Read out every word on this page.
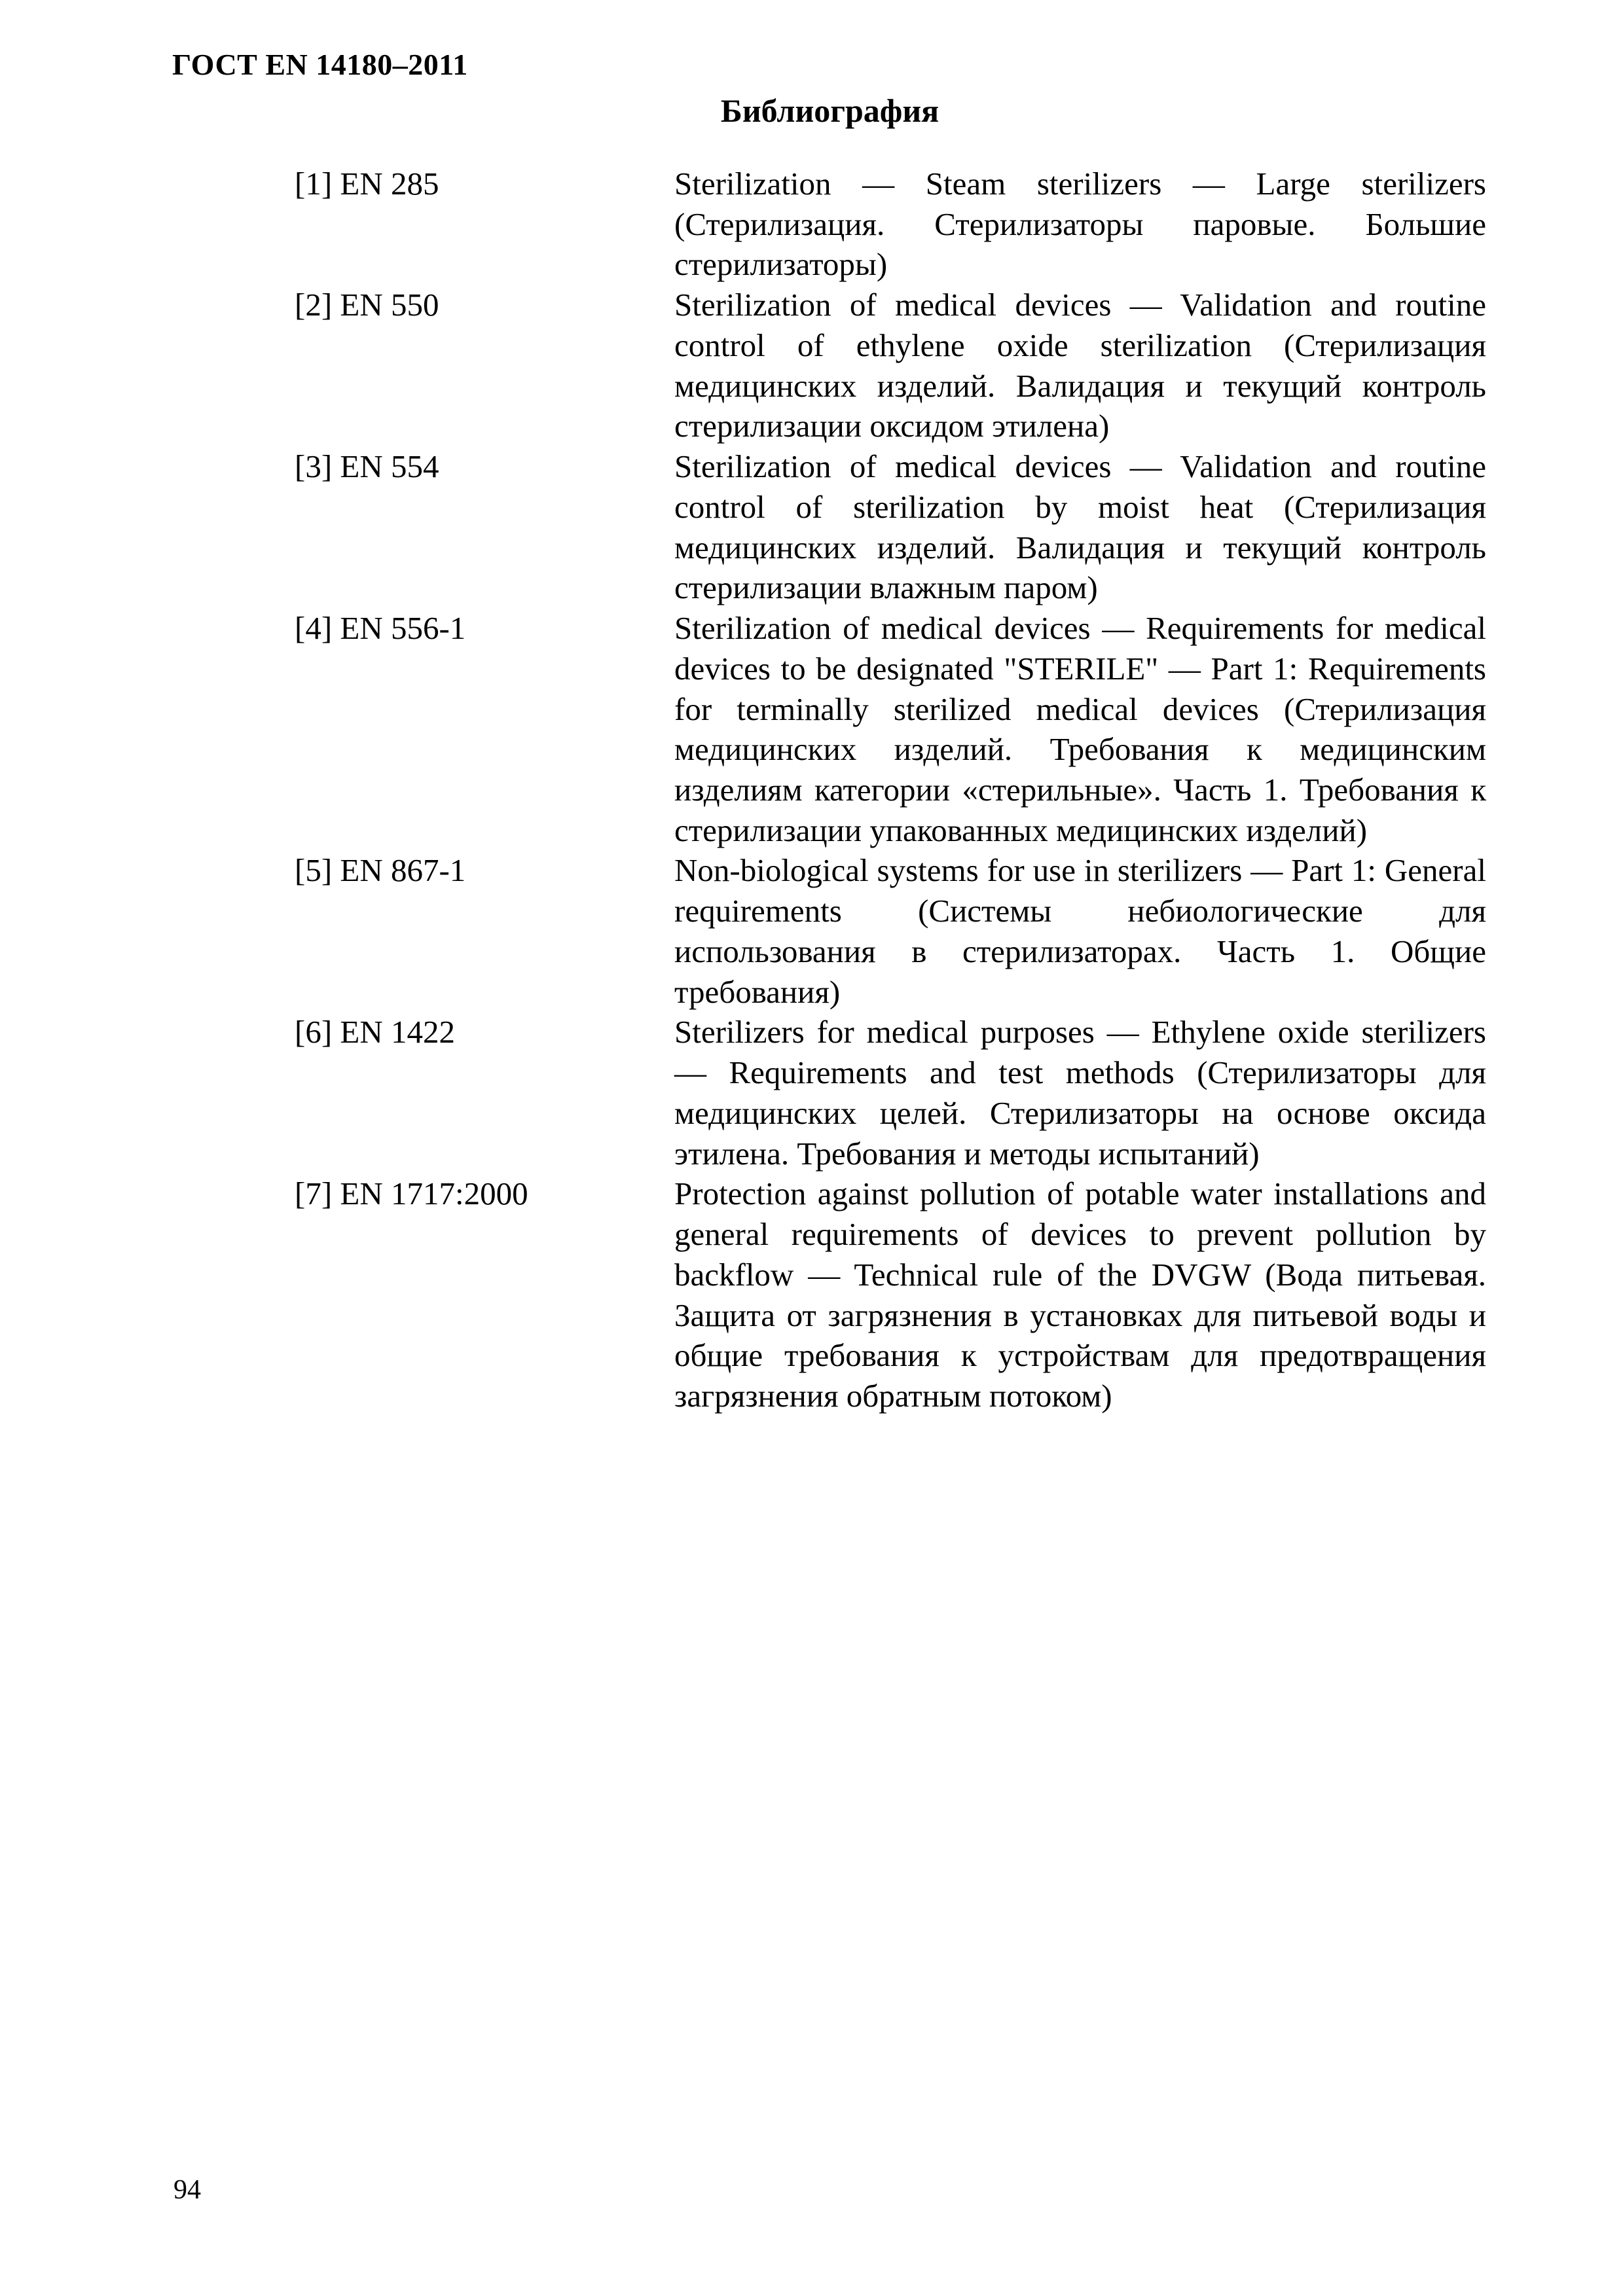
ГОСТ EN 14180–2011
Библиография
[1] EN 285	Sterilization — Steam sterilizers — Large sterilizers (Стерилизация. Стерилизаторы паровые. Большие стерилизаторы)
[2] EN 550	Sterilization of medical devices — Validation and routine control of ethylene oxide sterilization (Стерилизация медицинских изделий. Валидация и текущий контроль стерилизации оксидом этилена)
[3] EN 554	Sterilization of medical devices — Validation and routine control of sterilization by moist heat (Стерилизация медицинских изделий. Валидация и текущий контроль стерилизации влажным паром)
[4] EN 556-1	Sterilization of medical devices — Requirements for medical devices to be designated "STERILE" — Part 1: Requirements for terminally sterilized medical devices (Стерилизация медицинских изделий. Требования к медицинским изделиям категории «стерильные». Часть 1. Требования к стерилизации упакованных медицинских изделий)
[5] EN 867-1	Non-biological systems for use in sterilizers — Part 1: General requirements (Системы небиологические для использования в стерилизаторах. Часть 1. Общие требования)
[6] EN 1422	Sterilizers for medical purposes — Ethylene oxide sterilizers — Requirements and test methods (Стерилизаторы для медицинских целей. Стерилизаторы на основе оксида этилена. Требования и методы испытаний)
[7] EN 1717:2000	Protection against pollution of potable water installations and general requirements of devices to prevent pollution by backflow — Technical rule of the DVGW (Вода питьевая. Защита от загрязнения в установках для питьевой воды и общие требования к устройствам для предотвращения загрязнения обратным потоком)
94
